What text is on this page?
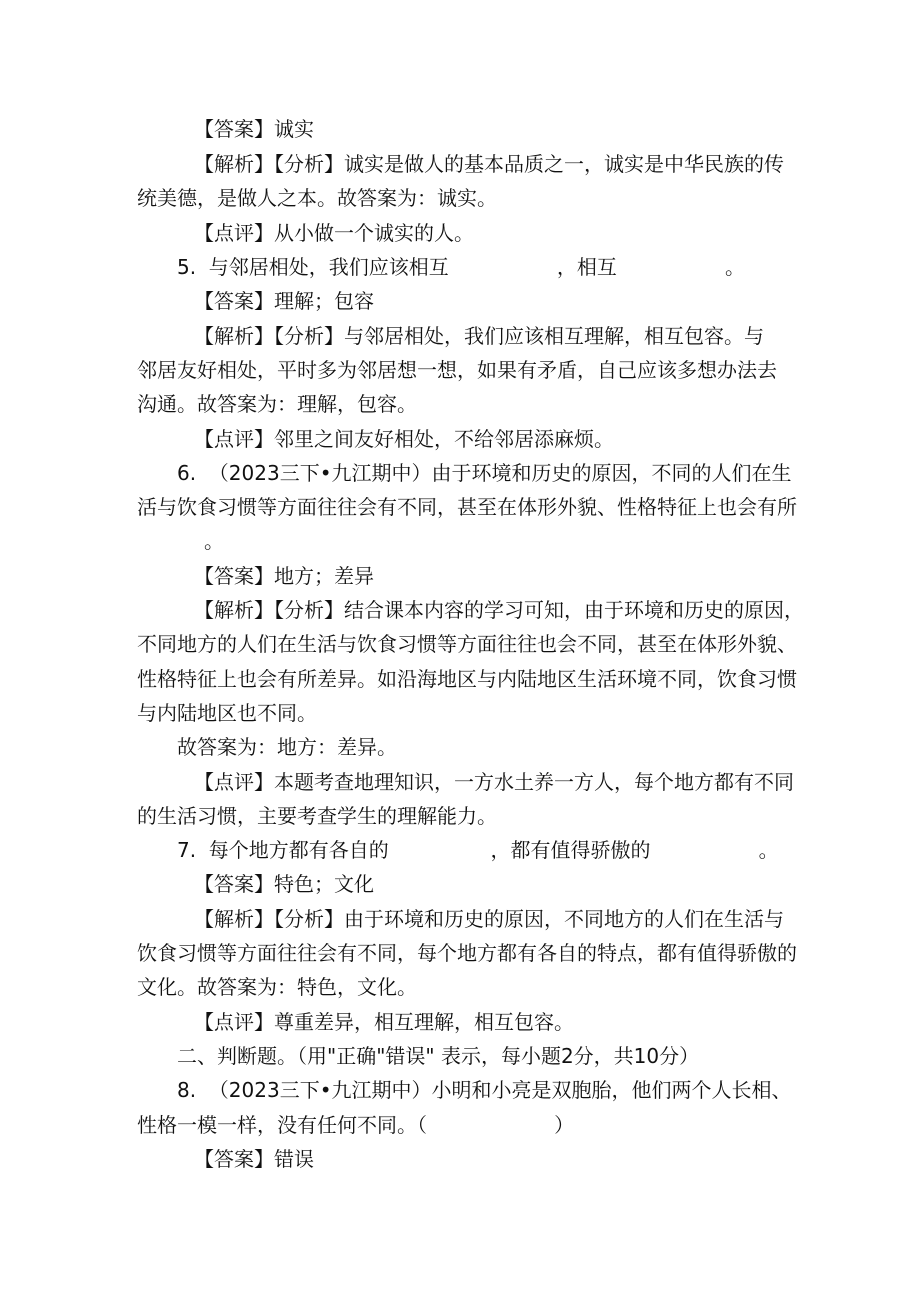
【答案】诚实
【解析】【分析】诚实是做人的基本品质之一，诚实是中华民族的传
统美德，是做人之本。故答案为：诚实。
【点评】从小做一个诚实的人。
5.  与邻居相处，我们应该相互                 ，相互                 。
【答案】理解；包容
【解析】【分析】与邻居相处，我们应该相互理解，相互包容。与
邻居友好相处，平时多为邻居想一想，如果有矛盾，自己应该多想办法去
沟通。故答案为：理解，包容。
【点评】邻里之间友好相处，不给邻居添麻烦。
6.  （2023三下•九江期中）由于环境和历史的原因，不同的人们在生
活与饮食习惯等方面往往会有不同，甚至在体形外貌、性格特征上也会有所
。
【答案】地方；差异
【解析】【分析】结合课本内容的学习可知，由于环境和历史的原因，
不同地方的人们在生活与饮食习惯等方面往往也会不同，甚至在体形外貌、
性格特征上也会有所差异。如沿海地区与内陆地区生活环境不同，饮食习惯
与内陆地区也不同。
故答案为：地方：差异。
【点评】本题考查地理知识，一方水土养一方人，每个地方都有不同
的生活习惯，主要考查学生的理解能力。
7.  每个地方都有各自的                ，都有值得骄傲的                 。
【答案】特色；文化
【解析】【分析】由于环境和历史的原因，不同地方的人们在生活与
饮食习惯等方面往往会有不同，每个地方都有各自的特点，都有值得骄傲的
文化。故答案为：特色，文化。
【点评】尊重差异，相互理解，相互包容。
二、判断题。（用"正确"错误" 表示，每小题2分，共10分）
8.  （2023三下•九江期中）小明和小亮是双胞胎，他们两个人长相、
性格一模一样，没有任何不同。（                    ）
【答案】错误
